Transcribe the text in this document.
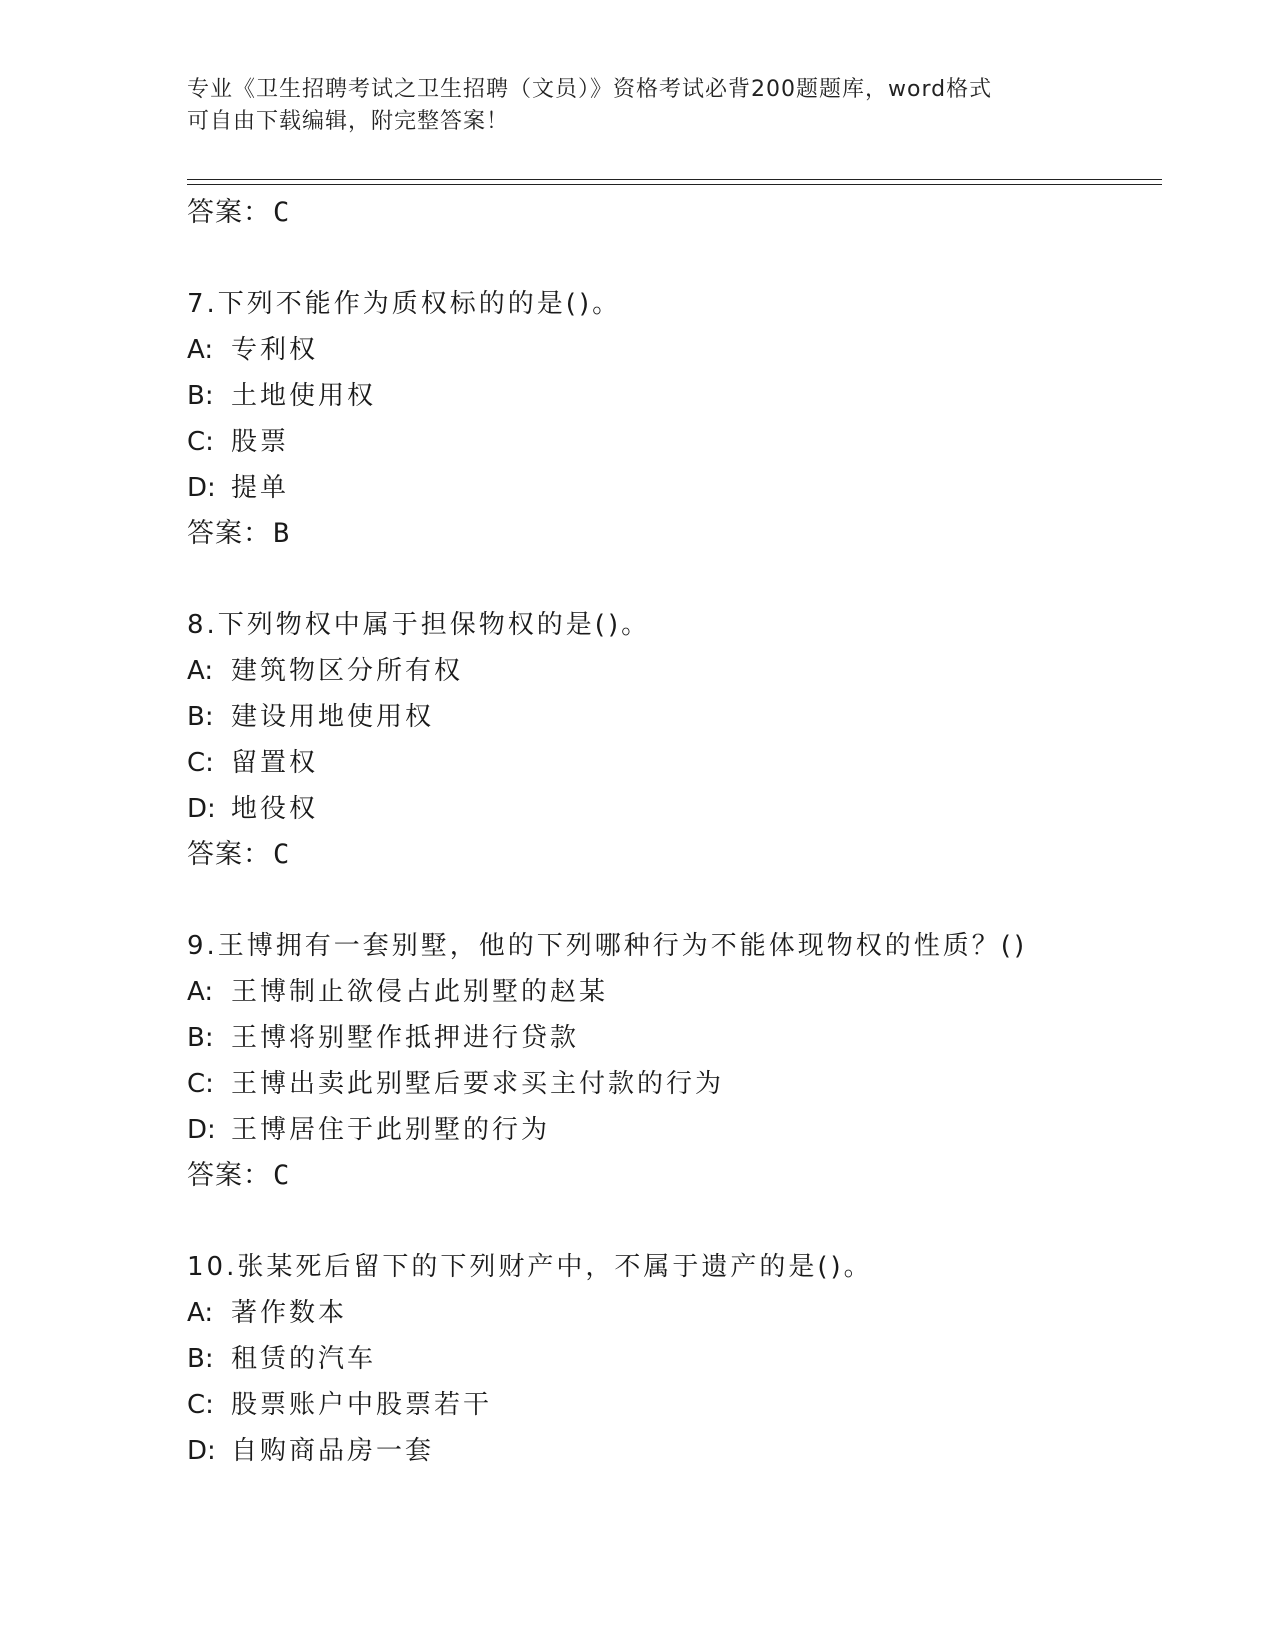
专业《卫生招聘考试之卫生招聘（文员）》资格考试必背200题题库，word格式
可自由下载编辑，附完整答案！
答案：C
7.下列不能作为质权标的的是()。
A: 专利权
B: 土地使用权
C: 股票
D: 提单
答案：B
8.下列物权中属于担保物权的是()。
A: 建筑物区分所有权
B: 建设用地使用权
C: 留置权
D: 地役权
答案：C
9.王博拥有一套别墅，他的下列哪种行为不能体现物权的性质？()
A: 王博制止欲侵占此别墅的赵某
B: 王博将别墅作抵押进行贷款
C: 王博出卖此别墅后要求买主付款的行为
D: 王博居住于此别墅的行为
答案：C
10.张某死后留下的下列财产中，不属于遗产的是()。
A: 著作数本
B: 租赁的汽车
C: 股票账户中股票若干
D: 自购商品房一套
